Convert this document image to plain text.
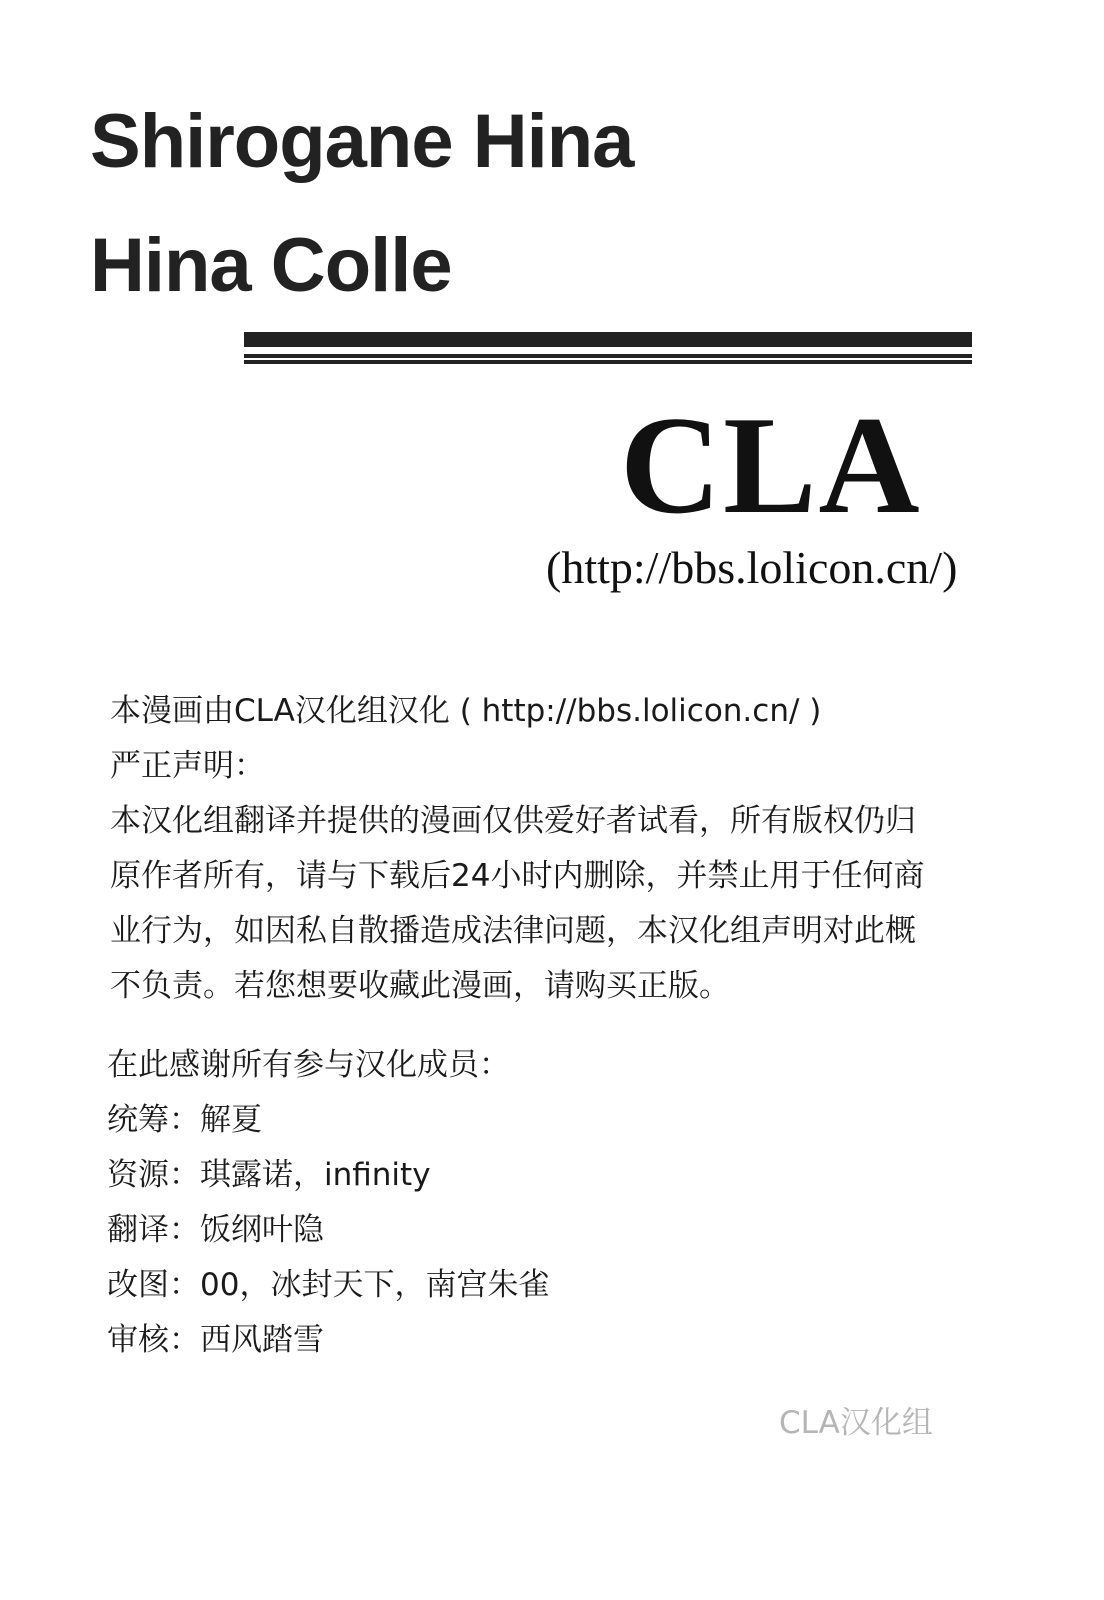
Shirogane Hina
Hina Colle
CLA
(http://bbs.lolicon.cn/)
本漫画由CLA汉化组汉化 ( http://bbs.lolicon.cn/ )
严正声明：
本汉化组翻译并提供的漫画仅供爱好者试看，所有版权仍归
原作者所有，请与下载后24小时内删除，并禁止用于任何商
业行为，如因私自散播造成法律问题，本汉化组声明对此概
不负责。若您想要收藏此漫画，请购买正版。
在此感谢所有参与汉化成员：
统筹：解夏
资源：琪露诺，infinity
翻译：饭纲叶隐
改图：00，冰封天下，南宫朱雀
审核：西风踏雪
CLA汉化组
